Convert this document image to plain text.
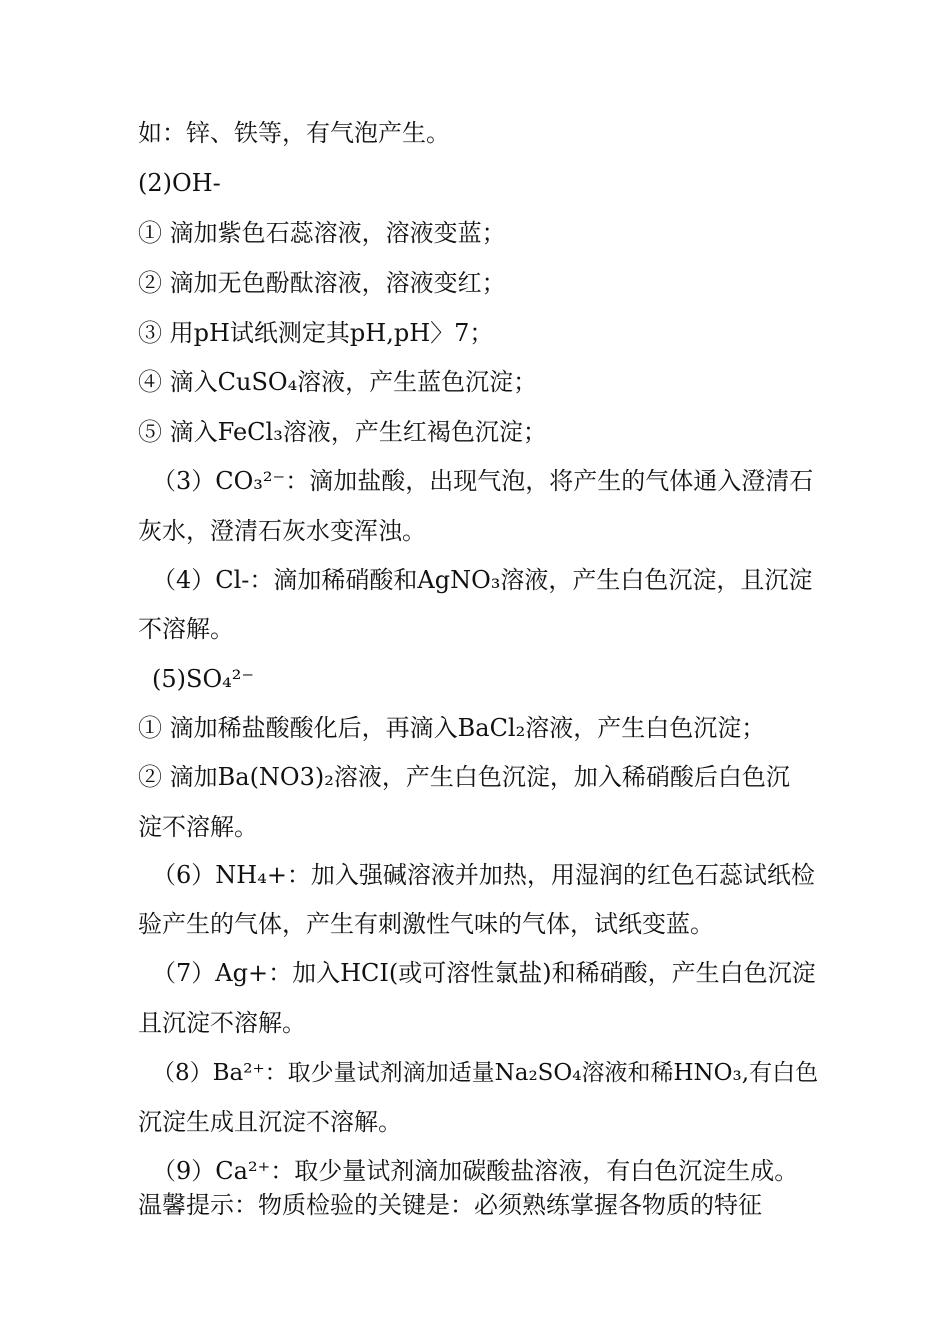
如：锌、铁等，有气泡产生。
(2)OH-
① 滴加紫色石蕊溶液，溶液变蓝；
② 滴加无色酚酞溶液，溶液变红；
③ 用pH试纸测定其pH,pH〉7；
④ 滴入CuSO₄溶液，产生蓝色沉淀；
⑤ 滴入FeCl₃溶液，产生红褐色沉淀；
（3）CO₃²⁻：滴加盐酸，出现气泡，将产生的气体通入澄清石
灰水，澄清石灰水变浑浊。
（4）Cl-：滴加稀硝酸和AgNO₃溶液，产生白色沉淀，且沉淀
不溶解。
(5)SO₄²⁻
① 滴加稀盐酸酸化后，再滴入BaCl₂溶液，产生白色沉淀；
② 滴加Ba(NO3)₂溶液，产生白色沉淀，加入稀硝酸后白色沉
淀不溶解。
（6）NH₄+：加入强碱溶液并加热，用湿润的红色石蕊试纸检
验产生的气体，产生有刺激性气味的气体，试纸变蓝。
（7）Ag+：加入HCI(或可溶性氯盐)和稀硝酸，产生白色沉淀
且沉淀不溶解。
（8）Ba²⁺：取少量试剂滴加适量Na₂SO₄溶液和稀HNO₃,有白色
沉淀生成且沉淀不溶解。
（9）Ca²⁺：取少量试剂滴加碳酸盐溶液，有白色沉淀生成。
温馨提示：物质检验的关键是：必须熟练掌握各物质的特征
